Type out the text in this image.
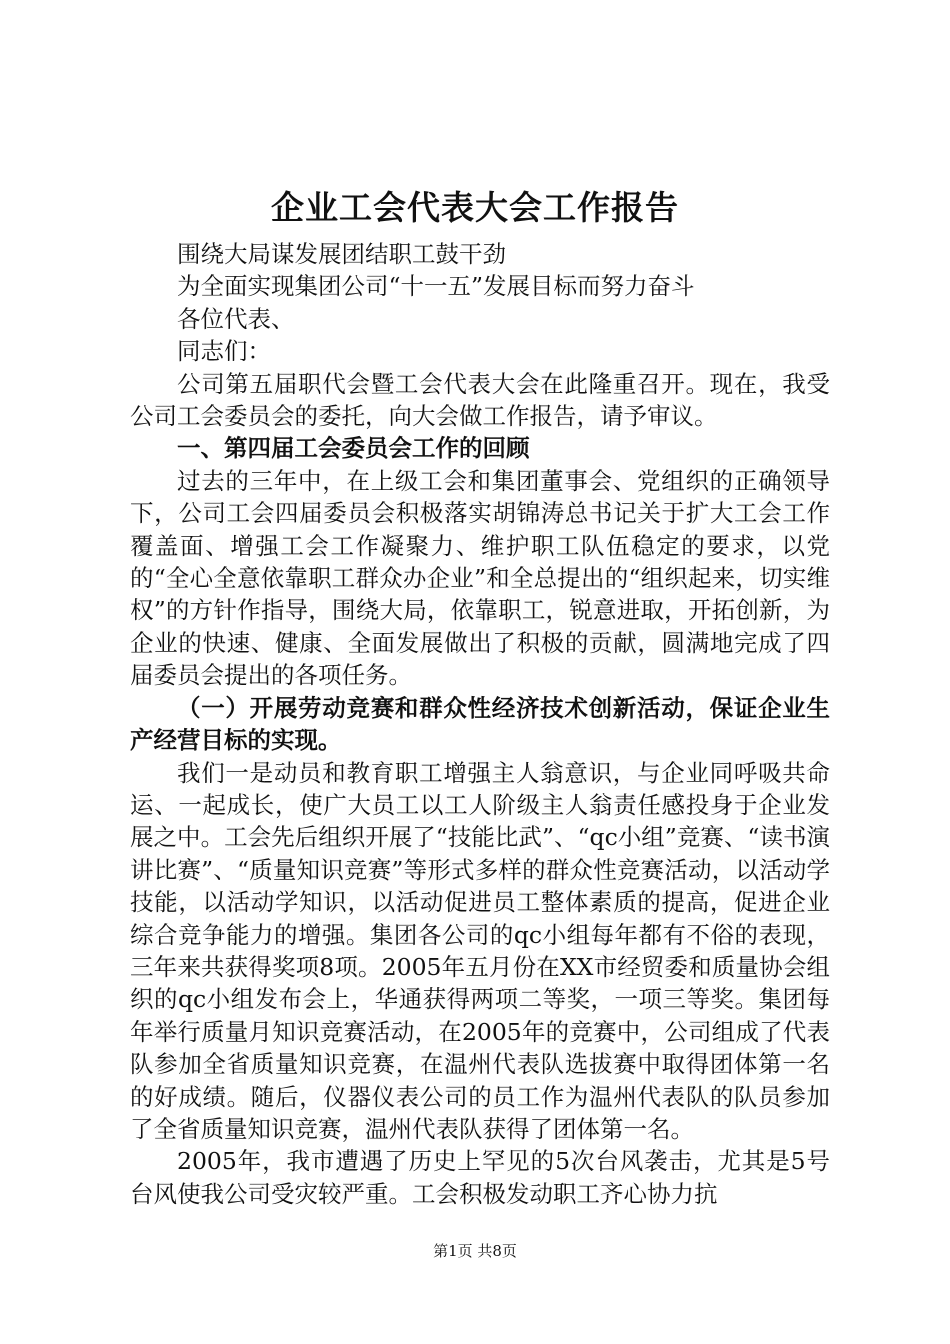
企业工会代表大会工作报告

围绕大局谋发展团结职工鼓干劲

为全面实现集团公司“十一五”发展目标而努力奋斗

各位代表、

同志们：

公司第五届职代会暨工会代表大会在此隆重召开。现在，我受公司工会委员会的委托，向大会做工作报告，请予审议。

一、第四届工会委员会工作的回顾

过去的三年中，在上级工会和集团董事会、党组织的正确领导下，公司工会四届委员会积极落实胡锦涛总书记关于扩大工会工作覆盖面、增强工会工作凝聚力、维护职工队伍稳定的要求，以党的“全心全意依靠职工群众办企业”和全总提出的“组织起来，切实维权”的方针作指导，围绕大局，依靠职工，锐意进取，开拓创新，为企业的快速、健康、全面发展做出了积极的贡献，圆满地完成了四届委员会提出的各项任务。

（一）开展劳动竞赛和群众性经济技术创新活动，保证企业生产经营目标的实现。

我们一是动员和教育职工增强主人翁意识，与企业同呼吸共命运、一起成长，使广大员工以工人阶级主人翁责任感投身于企业发展之中。工会先后组织开展了“技能比武”、“qc小组”竞赛、“读书演讲比赛”、“质量知识竞赛”等形式多样的群众性竞赛活动，以活动学技能，以活动学知识，以活动促进员工整体素质的提高，促进企业综合竞争能力的增强。集团各公司的qc小组每年都有不俗的表现，三年来共获得奖项8项。2005年五月份在XX市经贸委和质量协会组织的qc小组发布会上，华通获得两项二等奖，一项三等奖。集团每年举行质量月知识竞赛活动，在2005年的竞赛中，公司组成了代表队参加全省质量知识竞赛，在温州代表队选拔赛中取得团体第一名的好成绩。随后，仪器仪表公司的员工作为温州代表队的队员参加了全省质量知识竞赛，温州代表队获得了团体第一名。

2005年，我市遭遇了历史上罕见的5次台风袭击，尤其是5号台风使我公司受灾较严重。工会积极发动职工齐心协力抗

第1页 共8页
